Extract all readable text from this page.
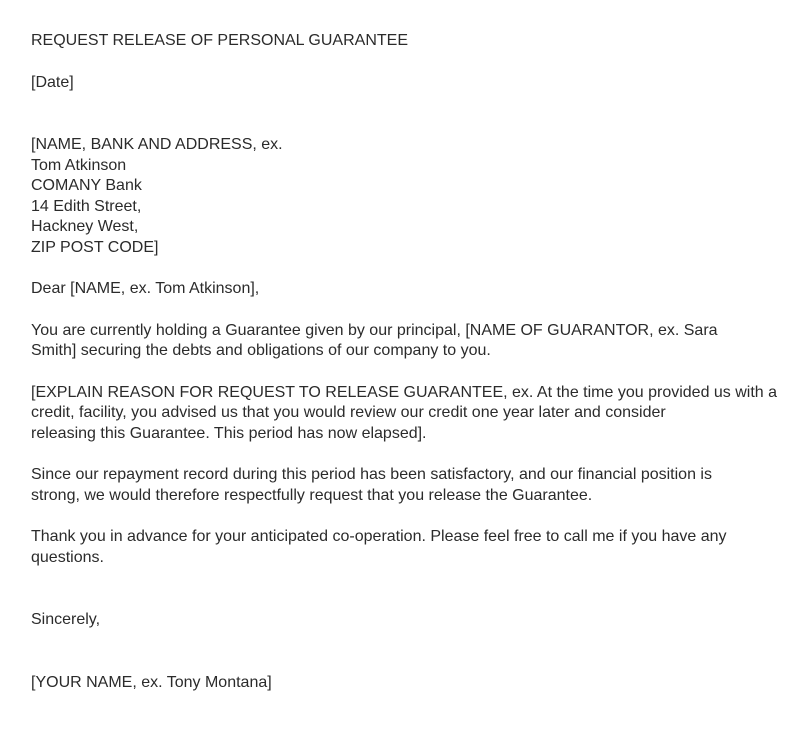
REQUEST RELEASE OF PERSONAL GUARANTEE
[Date]
[NAME, BANK AND ADDRESS, ex.
Tom Atkinson
COMANY Bank
14 Edith Street,
Hackney West,
ZIP POST CODE]
Dear [NAME, ex. Tom Atkinson],
You are currently holding a Guarantee given by our principal, [NAME OF GUARANTOR, ex. Sara
Smith] securing the debts and obligations of our company to you.
[EXPLAIN REASON FOR REQUEST TO RELEASE GUARANTEE, ex. At the time you provided us with a
credit, facility, you advised us that you would review our credit one year later and consider
releasing this Guarantee. This period has now elapsed].
Since our repayment record during this period has been satisfactory, and our financial position is
strong, we would therefore respectfully request that you release the Guarantee.
Thank you in advance for your anticipated co-operation. Please feel free to call me if you have any
questions.
Sincerely,
[YOUR NAME, ex. Tony Montana]
